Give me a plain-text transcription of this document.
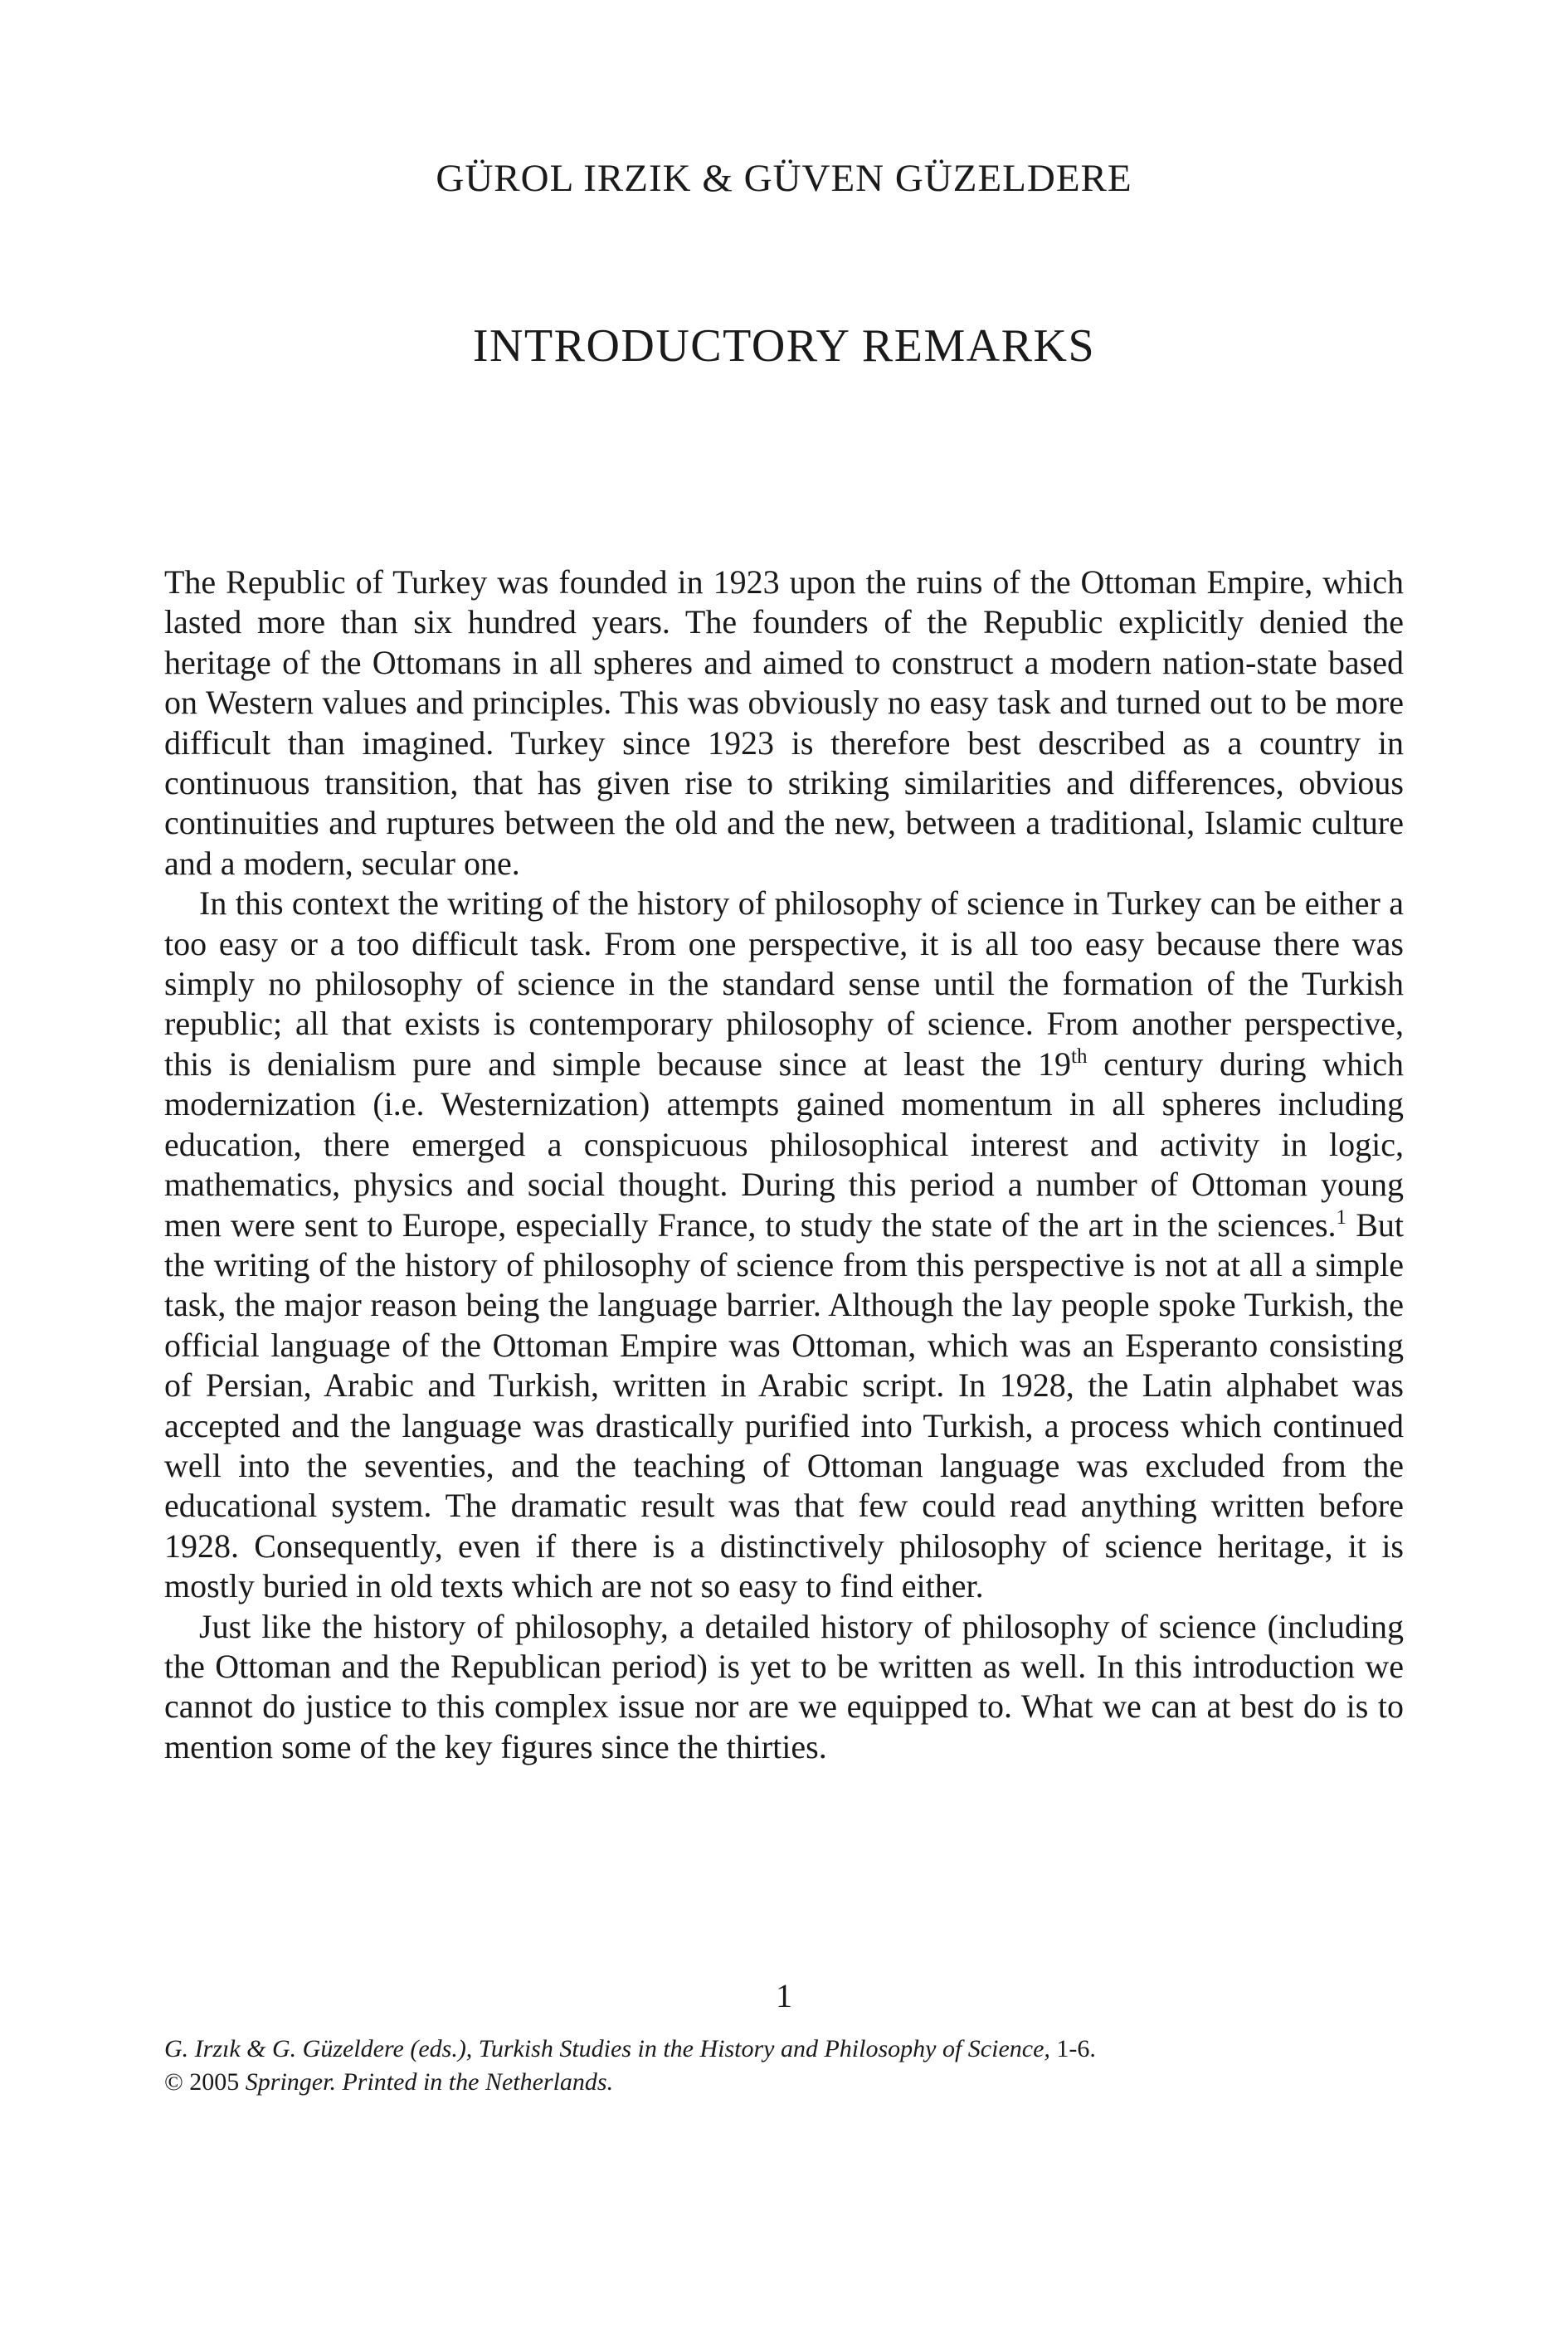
GÜROL IRZIK & GÜVEN GÜZELDERE
INTRODUCTORY REMARKS

The Republic of Turkey was founded in 1923 upon the ruins of the Ottoman Empire, which lasted more than six hundred years. The founders of the Republic explicitly denied the heritage of the Ottomans in all spheres and aimed to construct a modern nation-state based on Western values and principles. This was obviously no easy task and turned out to be more difficult than imagined. Turkey since 1923 is therefore best described as a country in continuous transition, that has given rise to striking similarities and differences, obvious continuities and ruptures between the old and the new, between a traditional, Islamic culture and a modern, secular one.

In this context the writing of the history of philosophy of science in Turkey can be either a too easy or a too difficult task. From one perspective, it is all too easy because there was simply no philosophy of science in the standard sense until the formation of the Turkish republic; all that exists is contemporary philosophy of science. From another perspective, this is denialism pure and simple because since at least the 19th century during which modernization (i.e. Westernization) attempts gained momentum in all spheres including education, there emerged a conspicuous philosophical interest and activity in logic, mathematics, physics and social thought. During this period a number of Ottoman young men were sent to Europe, especially France, to study the state of the art in the sciences.$^1$ But the writing of the history of philosophy of science from this perspective is not at all a simple task, the major reason being the language barrier. Although the lay people spoke Turkish, the official language of the Ottoman Empire was Ottoman, which was an Esperanto consisting of Persian, Arabic and Turkish, written in Arabic script. In 1928, the Latin alphabet was accepted and the language was drastically purified into Turkish, a process which continued well into the seventies, and the teaching of Ottoman language was excluded from the educational system. The dramatic result was that few could read anything written before 1928. Consequently, even if there is a distinctively philosophy of science heritage, it is mostly buried in old texts which are not so easy to find either.

Just like the history of philosophy, a detailed history of philosophy of science (including the Ottoman and the Republican period) is yet to be written as well. In this introduction we cannot do justice to this complex issue nor are we equipped to. What we can at best do is to mention some of the key figures since the thirties.

1
G. Irzık & G. Güzeldere (eds.), Turkish Studies in the History and Philosophy of Science, 1-6.
© 2005 Springer. Printed in the Netherlands.
